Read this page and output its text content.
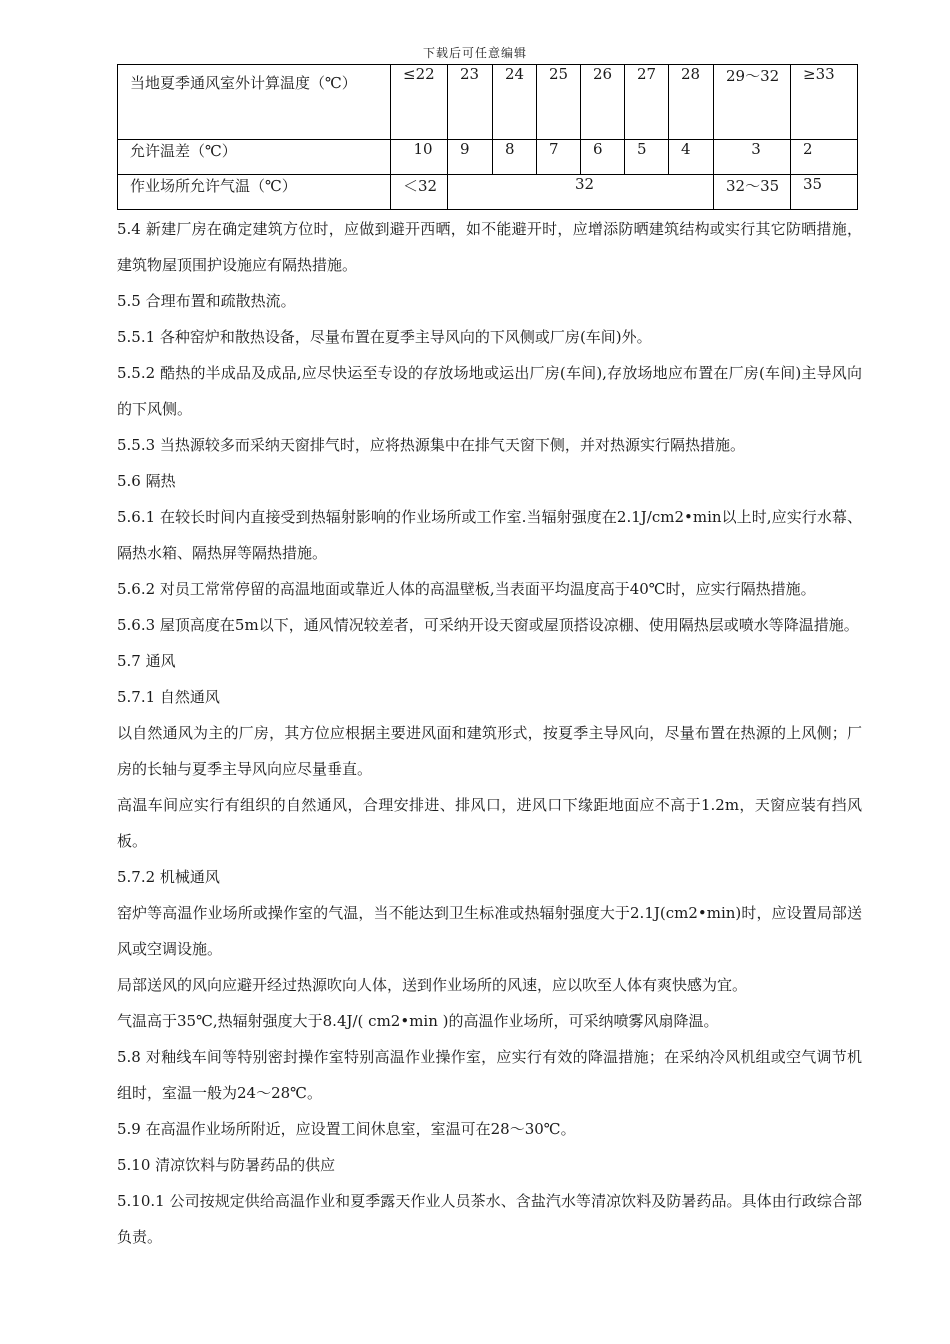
下载后可任意编辑
当地夏季通风室外计算温度（℃）	≤22	23	24	25	26	27	28	29～32	≥33
允许温差（℃）	10	9	8	7	6	5	4	3	2
作业场所允许气温（℃）	＜32	32						32～35	35

5.4 新建厂房在确定建筑方位时，应做到避开西晒，如不能避开时，应增添防晒建筑结构或实行其它防晒措施，建筑物屋顶围护设施应有隔热措施。

5.5 合理布置和疏散热流。

5.5.1 各种窑炉和散热设备，尽量布置在夏季主导风向的下风侧或厂房(车间)外。

5.5.2 酷热的半成品及成品,应尽快运至专设的存放场地或运出厂房(车间),存放场地应布置在厂房(车间)主导风向的下风侧。

5.5.3 当热源较多而采纳天窗排气时，应将热源集中在排气天窗下侧，并对热源实行隔热措施。

5.6 隔热

5.6.1 在较长时间内直接受到热辐射影响的作业场所或工作室.当辐射强度在2.1J/cm2•min以上时,应实行水幕、隔热水箱、隔热屏等隔热措施。

5.6.2 对员工常常停留的高温地面或靠近人体的高温壁板,当表面平均温度高于40℃时，应实行隔热措施。

5.6.3 屋顶高度在5m以下，通风情况较差者，可采纳开设天窗或屋顶搭设凉棚、使用隔热层或喷水等降温措施。

5.7 通风

5.7.1 自然通风

以自然通风为主的厂房，其方位应根据主要进风面和建筑形式，按夏季主导风向，尽量布置在热源的上风侧；厂房的长轴与夏季主导风向应尽量垂直。

高温车间应实行有组织的自然通风，合理安排进、排风口，进风口下缘距地面应不高于1.2m，天窗应装有挡风板。

5.7.2 机械通风

窑炉等高温作业场所或操作室的气温，当不能达到卫生标准或热辐射强度大于2.1J(cm2•min)时，应设置局部送风或空调设施。

局部送风的风向应避开经过热源吹向人体，送到作业场所的风速，应以吹至人体有爽快感为宜。

气温高于35℃,热辐射强度大于8.4J/( cm2•min )的高温作业场所，可采纳喷雾风扇降温。

5.8 对釉线车间等特别密封操作室特别高温作业操作室，应实行有效的降温措施；在采纳冷风机组或空气调节机组时，室温一般为24～28℃。

5.9 在高温作业场所附近，应设置工间休息室，室温可在28～30℃。

5.10 清凉饮料与防暑药品的供应

5.10.1 公司按规定供给高温作业和夏季露天作业人员茶水、含盐汽水等清凉饮料及防暑药品。具体由行政综合部负责。
